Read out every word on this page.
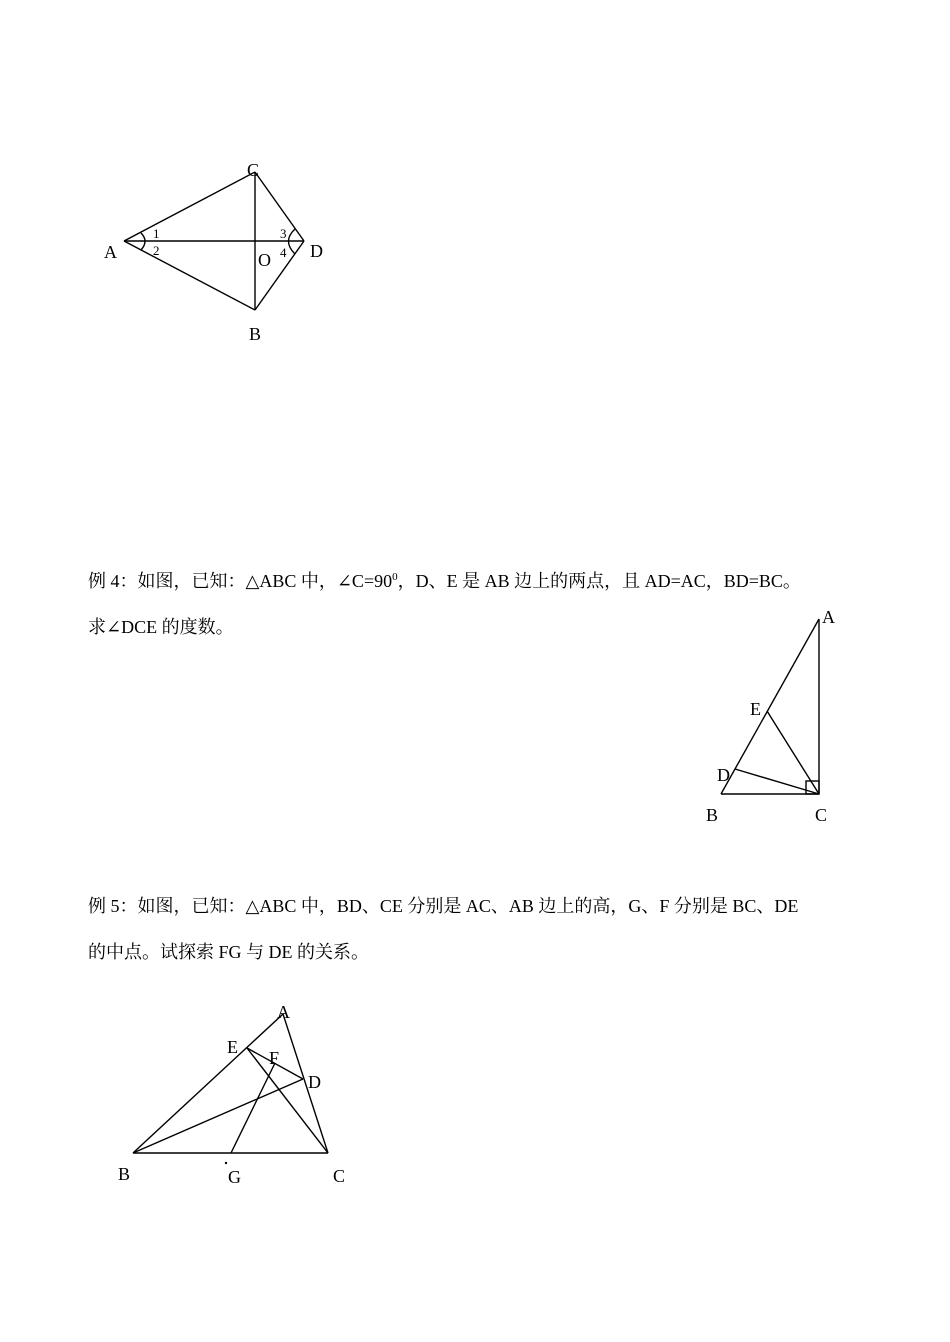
C
A	D
O
B
1
2
3
4

例 4：如图，已知：△ABC 中，$\angle C=90^0$，D、E 是 AB 边上的两点，且 AD=AC，BD=BC。
求∠DCE 的度数。	A
E
D
B	C

例 5：如图，已知：△ABC 中，BD、CE 分别是 AC、AB 边上的高，G、F 分别是 BC、DE
的中点。试探索 FG 与 DE 的关系。

A
E
F
D
B	G	C
